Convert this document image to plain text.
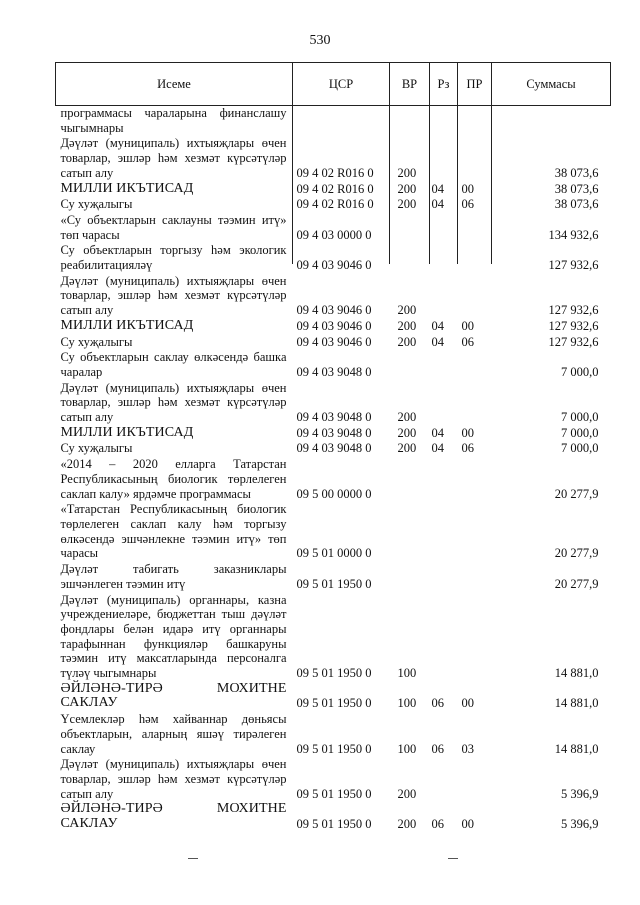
530
Исеме	ЦСР	ВР	Рз	ПР	Суммасы
программасы чараларына финанслашу чыгымнары					
Дәүләт (муниципаль) ихтыяҗлары өчен товарлар, эшләр һәм хезмәт күрсәтүләр сатып алу	09 4 02 R016 0	200			38 073,6
МИЛЛИ ИКЪТИСАД	09 4 02 R016 0	200	04	00	38 073,6
Су хуҗалыгы	09 4 02 R016 0	200	04	06	38 073,6
«Су объектларын саклауны тәэмин итү» төп чарасы	09 4 03 0000 0				134 932,6
Су объектларын торгызу һәм экологик реабилитацияләү	09 4 03 9046 0				127 932,6
Дәүләт (муниципаль) ихтыяҗлары өчен товарлар, эшләр һәм хезмәт күрсәтүләр сатып алу	09 4 03 9046 0	200			127 932,6
МИЛЛИ ИКЪТИСАД	09 4 03 9046 0	200	04	00	127 932,6
Су хуҗалыгы	09 4 03 9046 0	200	04	06	127 932,6
Су объектларын саклау өлкәсендә башка чаралар	09 4 03 9048 0				7 000,0
Дәүләт (муниципаль) ихтыяҗлары өчен товарлар, эшләр һәм хезмәт күрсәтүләр сатып алу	09 4 03 9048 0	200			7 000,0
МИЛЛИ ИКЪТИСАД	09 4 03 9048 0	200	04	00	7 000,0
Су хуҗалыгы	09 4 03 9048 0	200	04	06	7 000,0
«2014 – 2020 елларга Татарстан Республикасының биологик төрлелеген саклап калу» ярдәмче программасы	09 5 00 0000 0				20 277,9
«Татарстан Республикасының биологик төрлелеген саклап калу һәм торгызу өлкәсендә эшчәнлекне тәэмин итү» төп чарасы	09 5 01 0000 0				20 277,9
Дәүләт табигать заказниклары эшчәнлеген тәэмин итү	09 5 01 1950 0				20 277,9
Дәүләт (муниципаль) органнары, казна учреждениеләре, бюджеттан тыш дәүләт фондлары белән идарә итү органнары тарафыннан функцияләр башкаруны тәэмин итү максатларында персоналга түләү чыгымнары	09 5 01 1950 0	100			14 881,0
ӘЙЛӘНӘ-ТИРӘ МОХИТНЕ САКЛАУ	09 5 01 1950 0	100	06	00	14 881,0
Үсемлекләр һәм хайваннар дөньясы объектларын, аларның яшәү тирәлеген саклау	09 5 01 1950 0	100	06	03	14 881,0
Дәүләт (муниципаль) ихтыяҗлары өчен товарлар, эшләр һәм хезмәт күрсәтүләр сатып алу	09 5 01 1950 0	200			5 396,9
ӘЙЛӘНӘ-ТИРӘ МОХИТНЕ САКЛАУ	09 5 01 1950 0	200	06	00	5 396,9
